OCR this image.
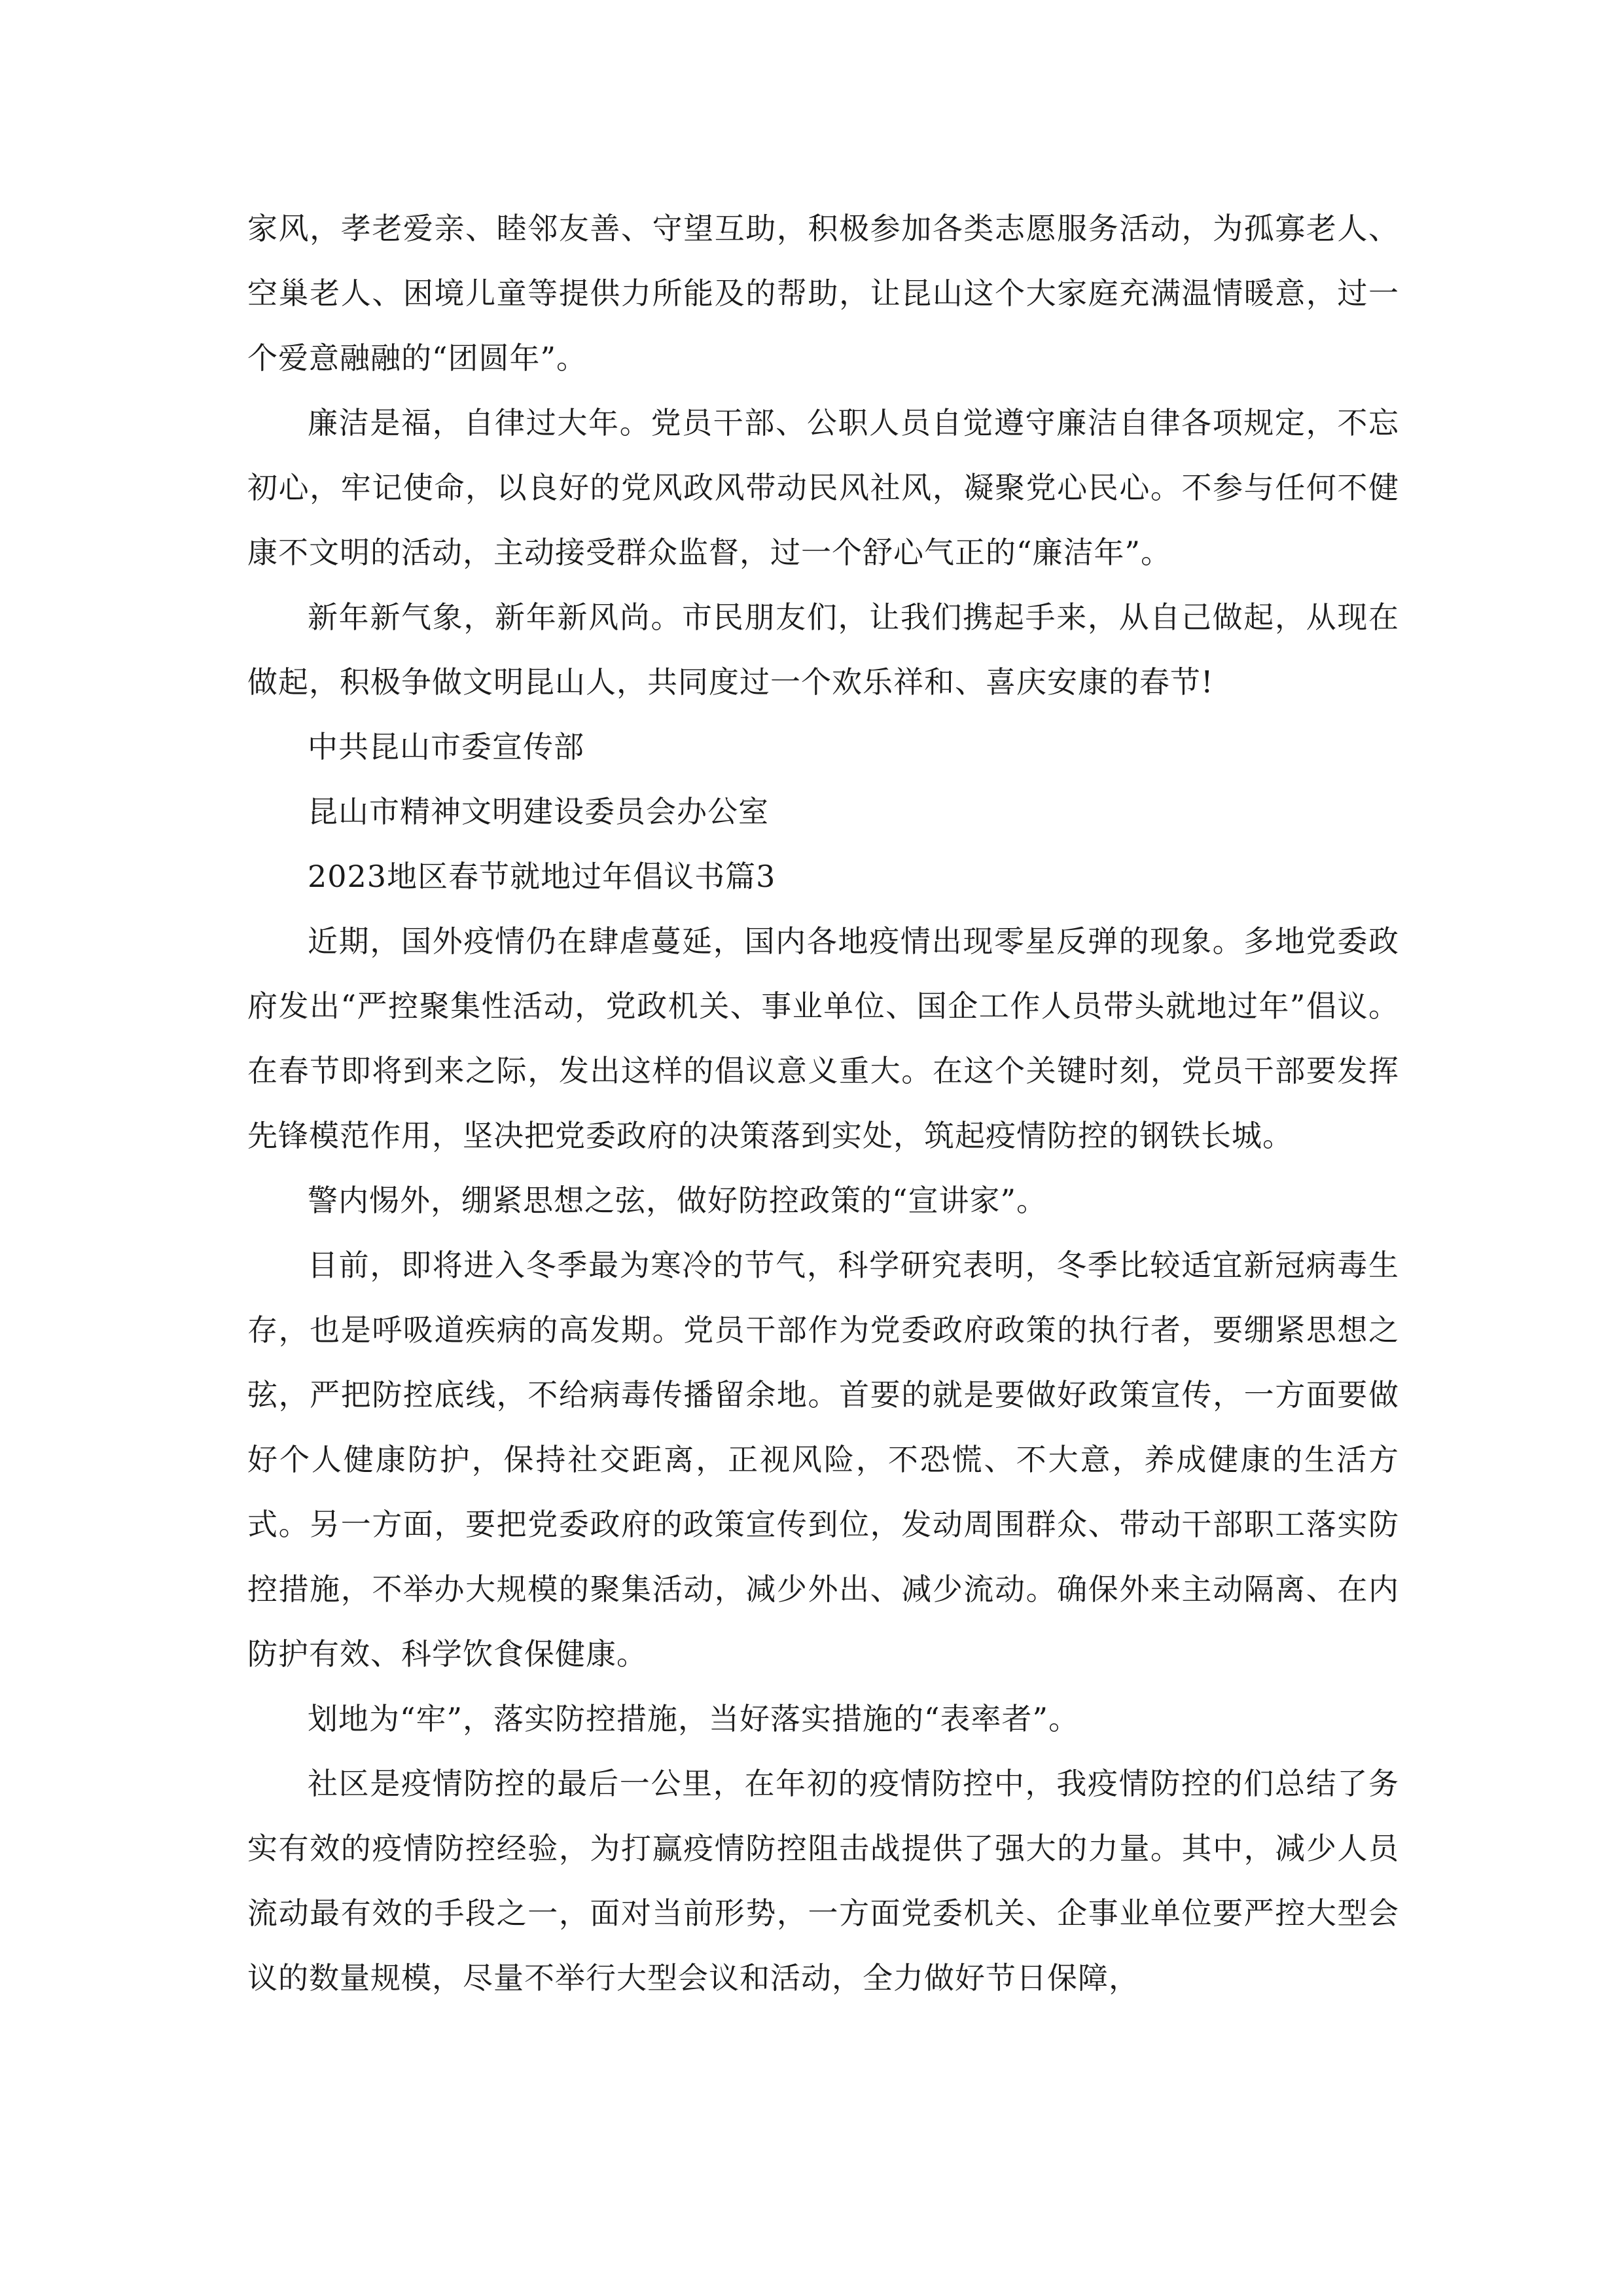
家风，孝老爱亲、睦邻友善、守望互助，积极参加各类志愿服务活动，为孤寡老人、空巢老人、困境儿童等提供力所能及的帮助，让昆山这个大家庭充满温情暖意，过一个爱意融融的“团圆年”。

廉洁是福，自律过大年。党员干部、公职人员自觉遵守廉洁自律各项规定，不忘初心，牢记使命，以良好的党风政风带动民风社风，凝聚党心民心。不参与任何不健康不文明的活动，主动接受群众监督，过一个舒心气正的“廉洁年”。

新年新气象，新年新风尚。市民朋友们，让我们携起手来，从自己做起，从现在做起，积极争做文明昆山人，共同度过一个欢乐祥和、喜庆安康的春节!

中共昆山市委宣传部

昆山市精神文明建设委员会办公室

2023地区春节就地过年倡议书篇3

近期，国外疫情仍在肆虐蔓延，国内各地疫情出现零星反弹的现象。多地党委政府发出“严控聚集性活动，党政机关、事业单位、国企工作人员带头就地过年”倡议。在春节即将到来之际，发出这样的倡议意义重大。在这个关键时刻，党员干部要发挥先锋模范作用，坚决把党委政府的决策落到实处，筑起疫情防控的钢铁长城。

警内惕外，绷紧思想之弦，做好防控政策的“宣讲家”。

目前，即将进入冬季最为寒冷的节气，科学研究表明，冬季比较适宜新冠病毒生存，也是呼吸道疾病的高发期。党员干部作为党委政府政策的执行者，要绷紧思想之弦，严把防控底线，不给病毒传播留余地。首要的就是要做好政策宣传，一方面要做好个人健康防护，保持社交距离，正视风险，不恐慌、不大意，养成健康的生活方式。另一方面，要把党委政府的政策宣传到位，发动周围群众、带动干部职工落实防控措施，不举办大规模的聚集活动，减少外出、减少流动。确保外来主动隔离、在内防护有效、科学饮食保健康。

划地为“牢”，落实防控措施，当好落实措施的“表率者”。

社区是疫情防控的最后一公里，在年初的疫情防控中，我疫情防控的们总结了务实有效的疫情防控经验，为打赢疫情防控阻击战提供了强大的力量。其中，减少人员流动最有效的手段之一，面对当前形势，一方面党委机关、企事业单位要严控大型会议的数量规模，尽量不举行大型会议和活动，全力做好节日保障，
